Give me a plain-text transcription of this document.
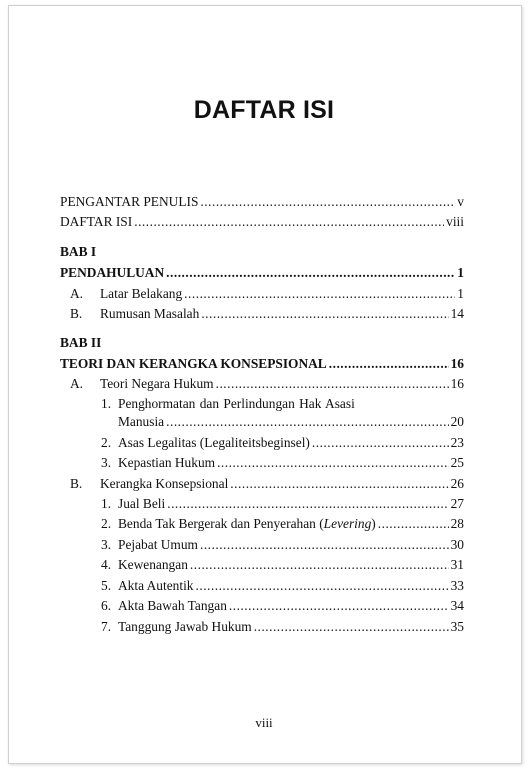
DAFTAR ISI
PENGANTAR PENULIS .....	v
DAFTAR ISI .....	viii
BAB I
PENDAHULUAN .....	1
A. Latar Belakang .....	1
B. Rumusan Masalah .....	14
BAB II
TEORI DAN KERANGKA KONSEPSIONAL .....	16
A. Teori Negara Hukum .....	16
1. Penghormatan dan Perlindungan Hak Asasi
Manusia .....	20
2. Asas Legalitas (Legaliteitsbeginsel) .....	23
3. Kepastian Hukum .....	25
B. Kerangka Konsepsional .....	26
1. Jual Beli .....	27
2. Benda Tak Bergerak dan Penyerahan (Levering) .....	28
3. Pejabat Umum .....	30
4. Kewenangan .....	31
5. Akta Autentik .....	33
6. Akta Bawah Tangan .....	34
7. Tanggung Jawab Hukum .....	35
viii
